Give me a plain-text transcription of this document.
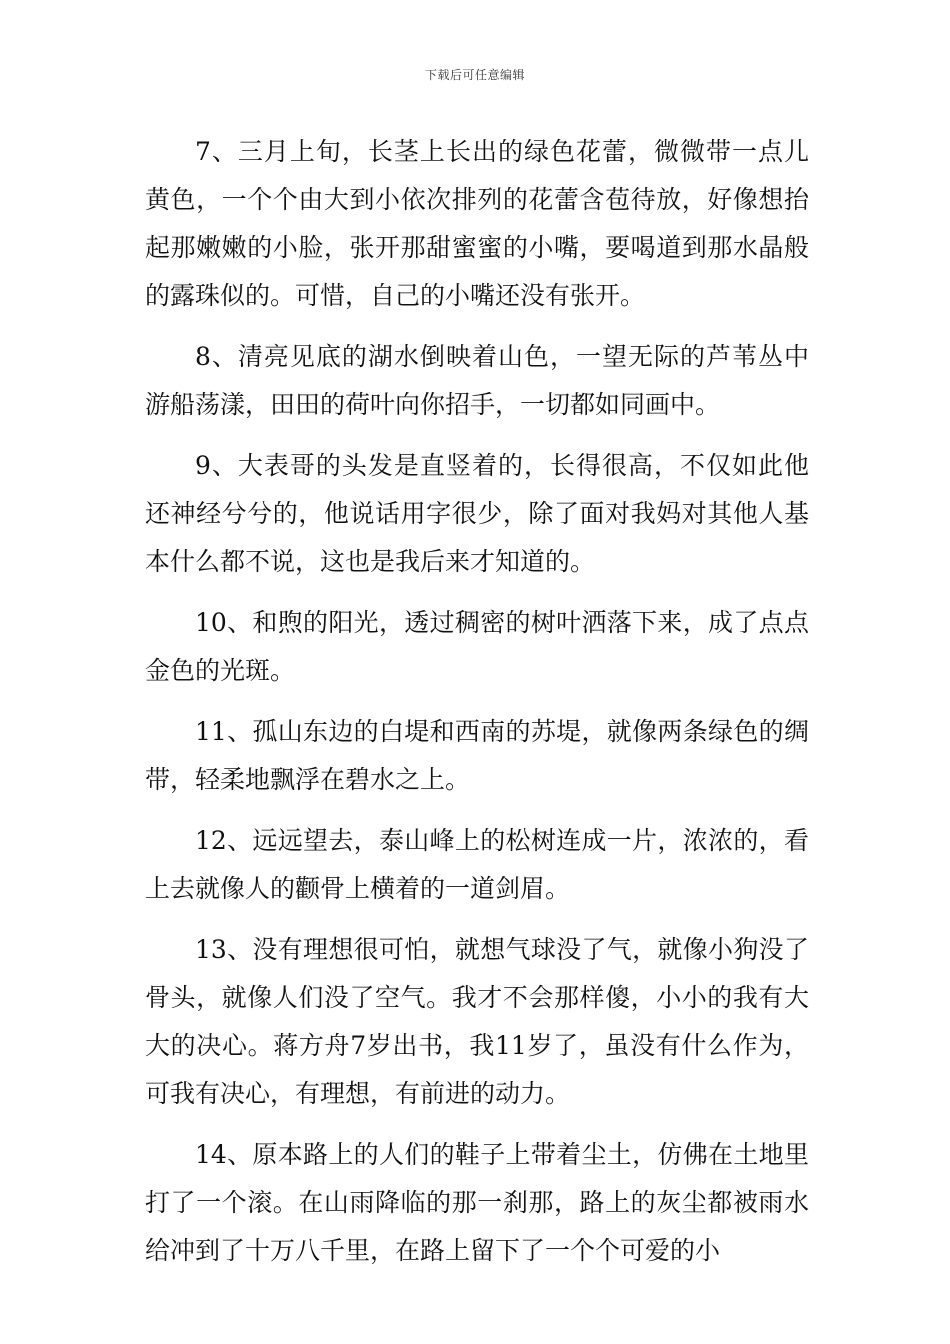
下载后可任意编辑

7、三月上旬，长茎上长出的绿色花蕾，微微带一点儿黄色，一个个由大到小依次排列的花蕾含苞待放，好像想抬起那嫩嫩的小脸，张开那甜蜜蜜的小嘴，要喝道到那水晶般的露珠似的。可惜，自己的小嘴还没有张开。

8、清亮见底的湖水倒映着山色，一望无际的芦苇丛中游船荡漾，田田的荷叶向你招手，一切都如同画中。

9、大表哥的头发是直竖着的，长得很高，不仅如此他还神经兮兮的，他说话用字很少，除了面对我妈对其他人基本什么都不说，这也是我后来才知道的。

10、和煦的阳光，透过稠密的树叶洒落下来，成了点点金色的光斑。

11、孤山东边的白堤和西南的苏堤，就像两条绿色的绸带，轻柔地飘浮在碧水之上。

12、远远望去，泰山峰上的松树连成一片，浓浓的，看上去就像人的颧骨上横着的一道剑眉。

13、没有理想很可怕，就想气球没了气，就像小狗没了骨头，就像人们没了空气。我才不会那样傻，小小的我有大大的决心。蒋方舟7岁出书，我11岁了，虽没有什么作为，可我有决心，有理想，有前进的动力。

14、原本路上的人们的鞋子上带着尘土，仿佛在土地里打了一个滚。在山雨降临的那一刹那，路上的灰尘都被雨水给冲到了十万八千里，在路上留下了一个个可爱的小
